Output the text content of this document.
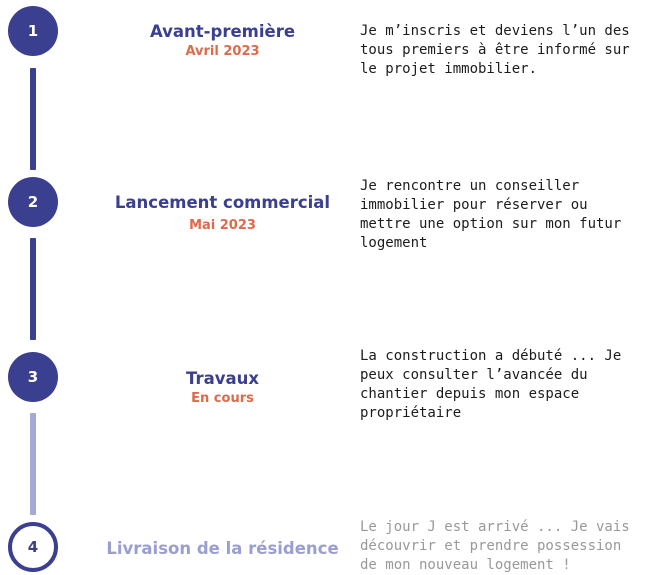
1	Avant-première
Avril 2023
Je m’inscris et deviens l’un des tous premiers à être informé sur le projet immobilier.
2	Lancement commercial
Mai 2023
Je rencontre un conseiller immobilier pour réserver ou mettre une option sur mon futur logement
3	Travaux
En cours
La construction a débuté ... Je peux consulter l’avancée du chantier depuis mon espace propriétaire
4	Livraison de la résidence
Le jour J est arrivé ... Je vais découvrir et prendre possession de mon nouveau logement !
